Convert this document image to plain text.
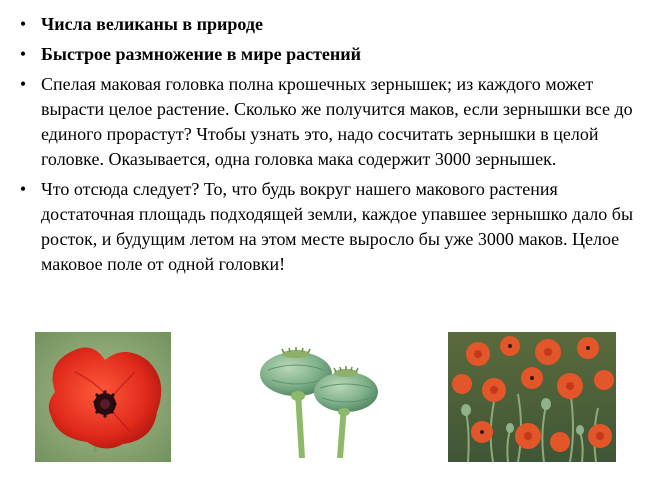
• Числа великаны в природе
• Быстрое размножение в мире растений
• Спелая маковая головка полна крошечных зернышек; из каждого может вырасти целое растение. Сколько же получится маков, если зернышки все до единого прорастут? Чтобы узнать это, надо сосчитать зернышки в целой головке. Оказывается, одна головка мака содержит 3000 зернышек.
• Что отсюда следует? То, что будь вокруг нашего макового растения достаточная площадь подходящей земли, каждое упавшее зернышко дало бы росток, и будущим летом на этом месте выросло бы уже 3000 маков. Целое маковое поле от одной головки!
